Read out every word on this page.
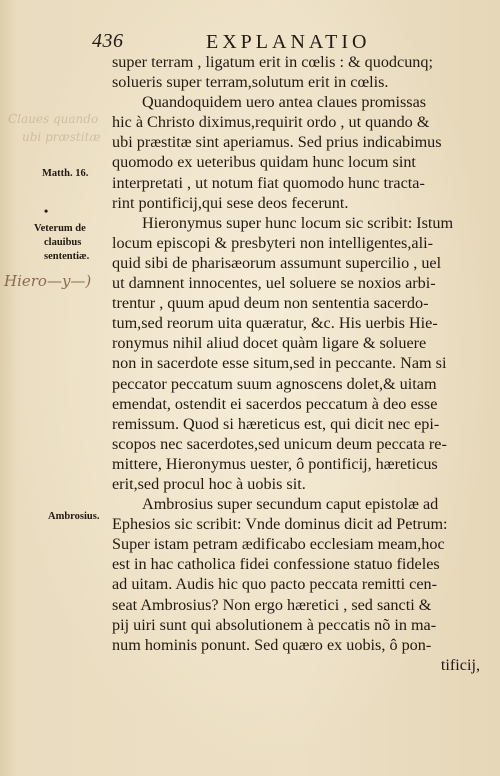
436	EXPLANATIO
Claues quando
ubi præstitæ
Hiero—y—)
Matth. 16.
•
Veterum de
clauibus
sententiæ.
Ambrosius.
super terram , ligatum erit in cœlis : & quodcunq;
solueris super terram,solutum erit in cœlis.
Quandoquidem uero antea claues promissas
hic à Christo diximus,requirit ordo , ut quando &
ubi præstitæ sint aperiamus. Sed prius indicabimus
quomodo ex ueteribus quidam hunc locum sint
interpretati , ut notum fiat quomodo hunc tracta-
rint pontificij,qui sese deos fecerunt.
Hieronymus super hunc locum sic scribit: Istum
locum episcopi & presbyteri non intelligentes,ali-
quid sibi de pharisæorum assumunt supercilio , uel
ut damnent innocentes, uel soluere se noxios arbi-
trentur , quum apud deum non sententia sacerdo-
tum,sed reorum uita quæratur, &c. His uerbis Hie-
ronymus nihil aliud docet quàm ligare & soluere
non in sacerdote esse situm,sed in peccante. Nam si
peccator peccatum suum agnoscens dolet,& uitam
emendat, ostendit ei sacerdos peccatum à deo esse
remissum. Quod si hæreticus est, qui dicit nec epi-
scopos nec sacerdotes,sed unicum deum peccata re-
mittere, Hieronymus uester, ô pontificij, hæreticus
erit,sed procul hoc à uobis sit.
Ambrosius super secundum caput epistolæ ad
Ephesios sic scribit: Vnde dominus dicit ad Petrum:
Super istam petram ædificabo ecclesiam meam,hoc
est in hac catholica fidei confessione statuo fideles
ad uitam. Audis hic quo pacto peccata remitti cen-
seat Ambrosius? Non ergo hæretici , sed sancti &
pij uiri sunt qui absolutionem à peccatis nõ in ma-
num hominis ponunt. Sed quæro ex uobis, ô pon-
tificij,
